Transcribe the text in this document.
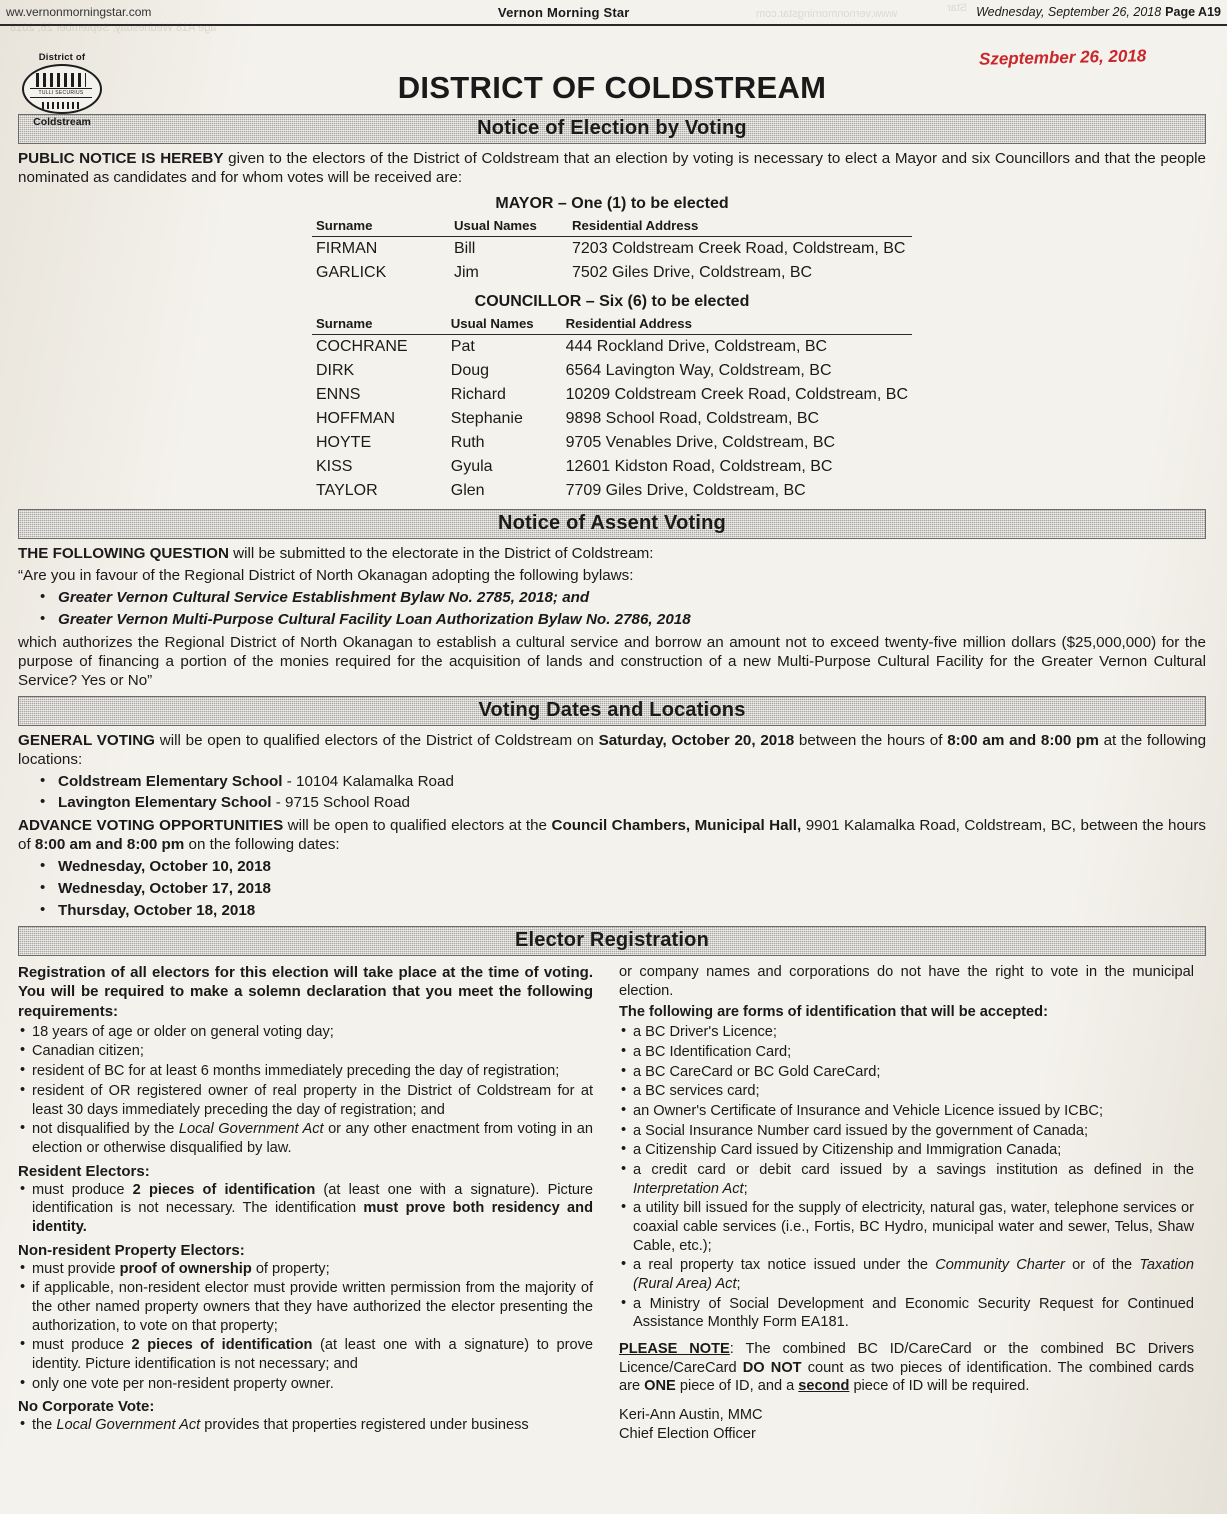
ww.vernonmorningstar.com	Vernon Morning Star	Wednesday, September 26, 2018 Page A19
Star
age A18 Wednesday, September 26, 2018
www.vernonmorningstar.com
District of
TULLI SECURIUS
Coldstream
Szeptember 26, 2018
DISTRICT OF COLDSTREAM
Notice of Election by Voting

PUBLIC NOTICE IS HEREBY given to the electors of the District of Coldstream that an election by voting is necessary to elect a Mayor and six Councillors and that the people nominated as candidates and for whom votes will be received are:

MAYOR – One (1) to be elected
Surname	Usual Names	Residential Address
FIRMAN	Bill	7203 Coldstream Creek Road, Coldstream, BC
GARLICK	Jim	7502 Giles Drive, Coldstream, BC
COUNCILLOR – Six (6) to be elected
Surname	Usual Names	Residential Address
COCHRANE	Pat	444 Rockland Drive, Coldstream, BC
DIRK	Doug	6564 Lavington Way, Coldstream, BC
ENNS	Richard	10209 Coldstream Creek Road, Coldstream, BC
HOFFMAN	Stephanie	9898 School Road, Coldstream, BC
HOYTE	Ruth	9705 Venables Drive, Coldstream, BC
KISS	Gyula	12601 Kidston Road, Coldstream, BC
TAYLOR	Glen	7709 Giles Drive, Coldstream, BC
Notice of Assent Voting

THE FOLLOWING QUESTION will be submitted to the electorate in the District of Coldstream:

“Are you in favour of the Regional District of North Okanagan adopting the following bylaws:

• Greater Vernon Cultural Service Establishment Bylaw No. 2785, 2018; and
• Greater Vernon Multi-Purpose Cultural Facility Loan Authorization Bylaw No. 2786, 2018

which authorizes the Regional District of North Okanagan to establish a cultural service and borrow an amount not to exceed twenty-five million dollars ($25,000,000) for the purpose of financing a portion of the monies required for the acquisition of lands and construction of a new Multi-Purpose Cultural Facility for the Greater Vernon Cultural Service? Yes or No”

Voting Dates and Locations

GENERAL VOTING will be open to qualified electors of the District of Coldstream on Saturday, October 20, 2018 between the hours of 8:00 am and 8:00 pm at the following locations:

• Coldstream Elementary School - 10104 Kalamalka Road
• Lavington Elementary School - 9715 School Road

ADVANCE VOTING OPPORTUNITIES will be open to qualified electors at the Council Chambers, Municipal Hall, 9901 Kalamalka Road, Coldstream, BC, between the hours of 8:00 am and 8:00 pm on the following dates:

• Wednesday, October 10, 2018
• Wednesday, October 17, 2018
• Thursday, October 18, 2018
Elector Registration

Registration of all electors for this election will take place at the time of voting. You will be required to make a solemn declaration that you meet the following requirements:

• 18 years of age or older on general voting day;
• Canadian citizen;
• resident of BC for at least 6 months immediately preceding the day of registration;
• resident of OR registered owner of real property in the District of Coldstream for at least 30 days immediately preceding the day of registration; and
• not disqualified by the Local Government Act or any other enactment from voting in an election or otherwise disqualified by law.
Resident Electors:
• must produce 2 pieces of identification (at least one with a signature). Picture identification is not necessary. The identification must prove both residency and identity.
Non-resident Property Electors:
• must provide proof of ownership of property;
• if applicable, non-resident elector must provide written permission from the majority of the other named property owners that they have authorized the elector presenting the authorization, to vote on that property;
• must produce 2 pieces of identification (at least one with a signature) to prove identity. Picture identification is not necessary; and
• only one vote per non-resident property owner.
No Corporate Vote:
• the Local Government Act provides that properties registered under business

or company names and corporations do not have the right to vote in the municipal election.

The following are forms of identification that will be accepted:

• a BC Driver's Licence;
• a BC Identification Card;
• a BC CareCard or BC Gold CareCard;
• a BC services card;
• an Owner's Certificate of Insurance and Vehicle Licence issued by ICBC;
• a Social Insurance Number card issued by the government of Canada;
• a Citizenship Card issued by Citizenship and Immigration Canada;
• a credit card or debit card issued by a savings institution as defined in the Interpretation Act;
• a utility bill issued for the supply of electricity, natural gas, water, telephone services or coaxial cable services (i.e., Fortis, BC Hydro, municipal water and sewer, Telus, Shaw Cable, etc.);
• a real property tax notice issued under the Community Charter or of the Taxation (Rural Area) Act;
• a Ministry of Social Development and Economic Security Request for Continued Assistance Monthly Form EA181.

PLEASE NOTE: The combined BC ID/CareCard or the combined BC Drivers Licence/CareCard DO NOT count as two pieces of identification. The combined cards are ONE piece of ID, and a second piece of ID will be required.

Keri-Ann Austin, MMC
Chief Election Officer
